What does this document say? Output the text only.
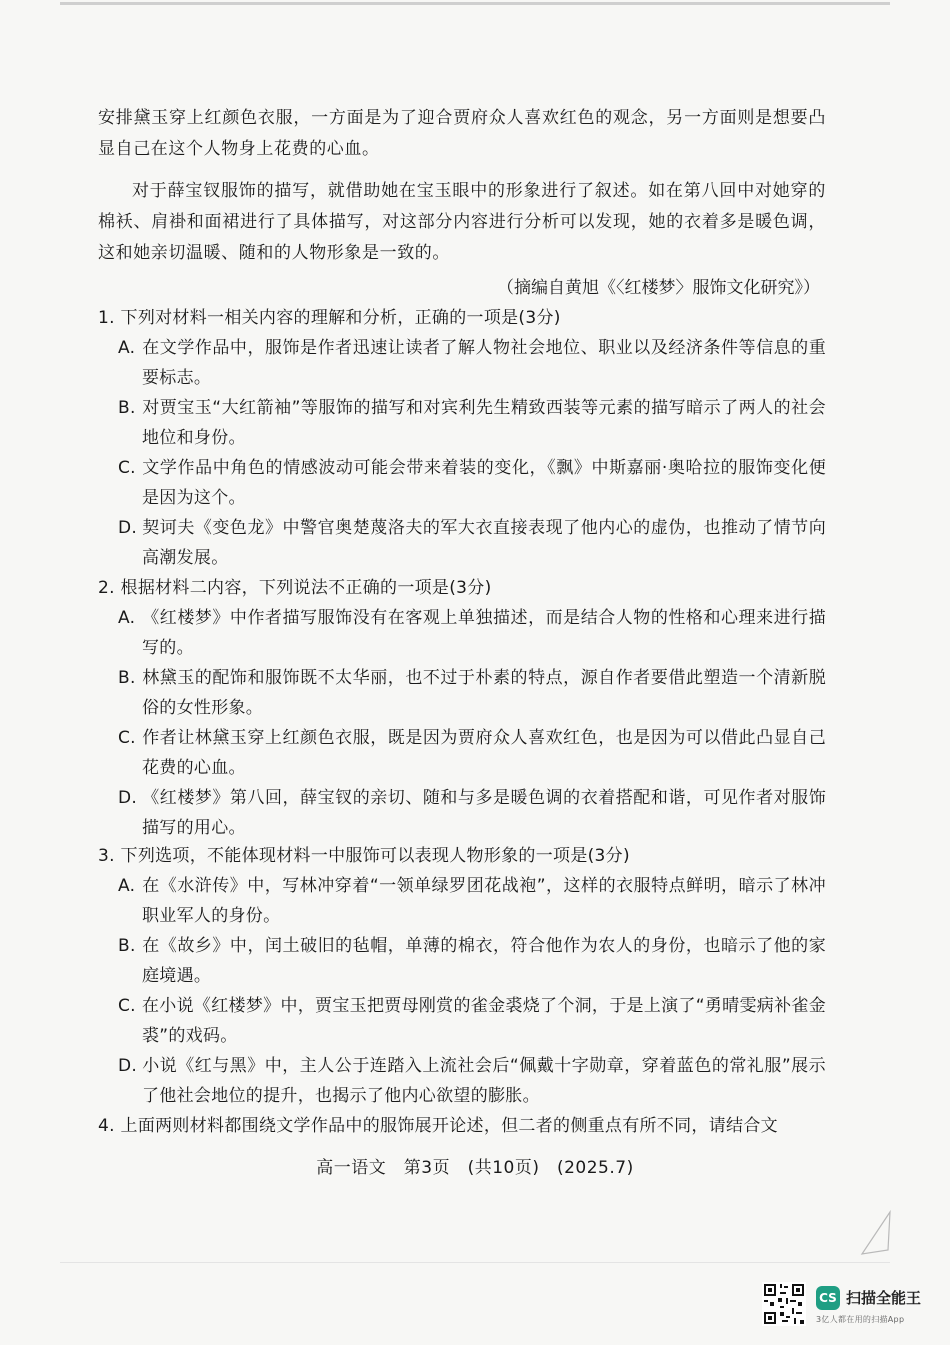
安排黛玉穿上红颜色衣服，一方面是为了迎合贾府众人喜欢红色的观念，另一方面则是想要凸显自己在这个人物身上花费的心血。
对于薛宝钗服饰的描写，就借助她在宝玉眼中的形象进行了叙述。如在第八回中对她穿的棉袄、肩褂和面裙进行了具体描写，对这部分内容进行分析可以发现，她的衣着多是暖色调，这和她亲切温暖、随和的人物形象是一致的。
（摘编自黄旭《〈红楼梦〉服饰文化研究》）

1. 下列对材料一相关内容的理解和分析，正确的一项是(3分)

A. 在文学作品中，服饰是作者迅速让读者了解人物社会地位、职业以及经济条件等信息的重要标志。

B. 对贾宝玉“大红箭袖”等服饰的描写和对宾利先生精致西装等元素的描写暗示了两人的社会地位和身份。

C. 文学作品中角色的情感波动可能会带来着装的变化，《飘》中斯嘉丽·奥哈拉的服饰变化便是因为这个。

D. 契诃夫《变色龙》中警官奥楚蔑洛夫的军大衣直接表现了他内心的虚伪，也推动了情节向高潮发展。

2. 根据材料二内容，下列说法不正确的一项是(3分)

A. 《红楼梦》中作者描写服饰没有在客观上单独描述，而是结合人物的性格和心理来进行描写的。

B. 林黛玉的配饰和服饰既不太华丽，也不过于朴素的特点，源自作者要借此塑造一个清新脱俗的女性形象。

C. 作者让林黛玉穿上红颜色衣服，既是因为贾府众人喜欢红色，也是因为可以借此凸显自己花费的心血。

D. 《红楼梦》第八回，薛宝钗的亲切、随和与多是暖色调的衣着搭配和谐，可见作者对服饰描写的用心。

3. 下列选项，不能体现材料一中服饰可以表现人物形象的一项是(3分)

A. 在《水浒传》中，写林冲穿着“一领单绿罗团花战袍”，这样的衣服特点鲜明，暗示了林冲职业军人的身份。

B. 在《故乡》中，闰土破旧的毡帽，单薄的棉衣，符合他作为农人的身份，也暗示了他的家庭境遇。

C. 在小说《红楼梦》中，贾宝玉把贾母刚赏的雀金裘烧了个洞，于是上演了“勇晴雯病补雀金裘”的戏码。

D. 小说《红与黑》中，主人公于连踏入上流社会后“佩戴十字勋章，穿着蓝色的常礼服”展示了他社会地位的提升，也揭示了他内心欲望的膨胀。

4. 上面两则材料都围绕文学作品中的服饰展开论述，但二者的侧重点有所不同，请结合文

高一语文　第3页　(共10页)　(2025.7)
CS 扫描全能王
3亿人都在用的扫描App
